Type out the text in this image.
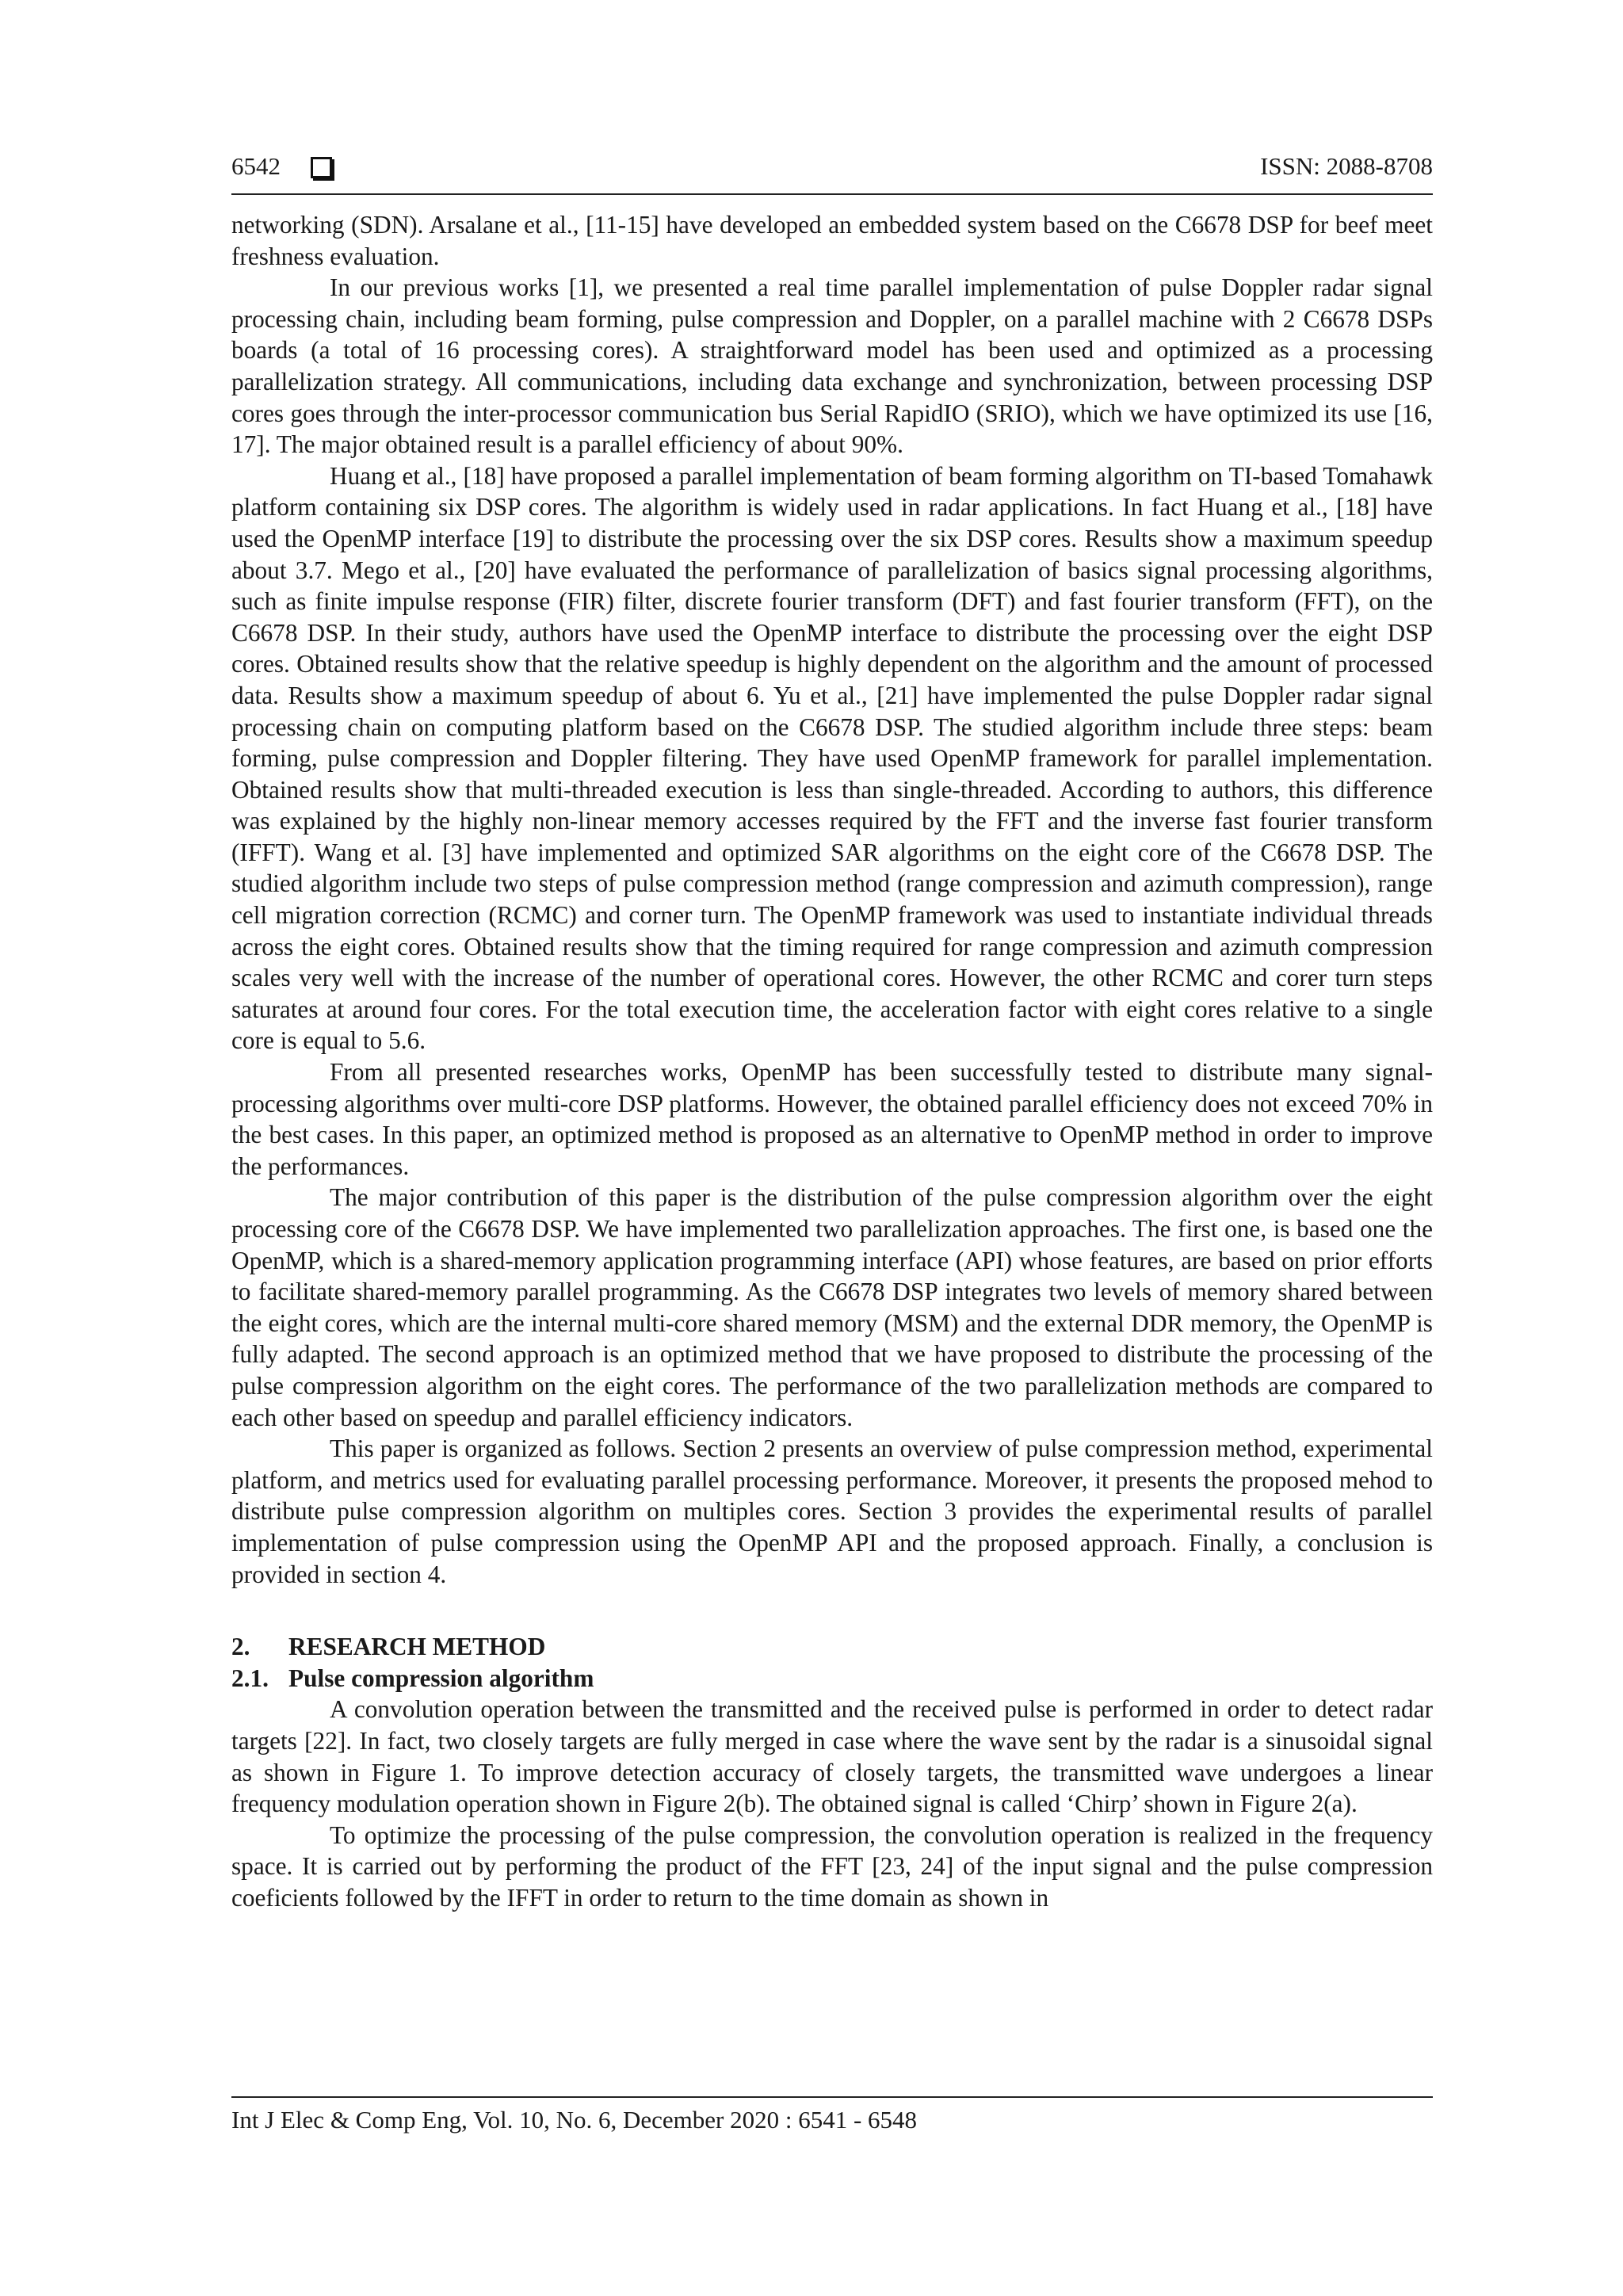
6542	ISSN: 2088-8708

networking (SDN). Arsalane et al., [11-15] have developed an embedded system based on the C6678 DSP for beef meet freshness evaluation.

In our previous works [1], we presented a real time parallel implementation of pulse Doppler radar signal processing chain, including beam forming, pulse compression and Doppler, on a parallel machine with 2 C6678 DSPs boards (a total of 16 processing cores). A straightforward model has been used and optimized as a processing parallelization strategy. All communications, including data exchange and synchronization, between processing DSP cores goes through the inter-processor communication bus Serial RapidIO (SRIO), which we have optimized its use [16, 17]. The major obtained result is a parallel efficiency of about 90%.

Huang et al., [18] have proposed a parallel implementation of beam forming algorithm on TI-based Tomahawk platform containing six DSP cores. The algorithm is widely used in radar applications. In fact Huang et al., [18] have used the OpenMP interface [19] to distribute the processing over the six DSP cores. Results show a maximum speedup about 3.7. Mego et al., [20] have evaluated the performance of parallelization of basics signal processing algorithms, such as finite impulse response (FIR) filter, discrete fourier transform (DFT) and fast fourier transform (FFT), on the C6678 DSP. In their study, authors have used the OpenMP interface to distribute the processing over the eight DSP cores. Obtained results show that the relative speedup is highly dependent on the algorithm and the amount of processed data. Results show a maximum speedup of about 6. Yu et al., [21] have implemented the pulse Doppler radar signal processing chain on computing platform based on the C6678 DSP. The studied algorithm include three steps: beam forming, pulse compression and Doppler filtering. They have used OpenMP framework for parallel implementation. Obtained results show that multi-threaded execution is less than single-threaded. According to authors, this difference was explained by the highly non-linear memory accesses required by the FFT and the inverse fast fourier transform (IFFT). Wang et al. [3] have implemented and optimized SAR algorithms on the eight core of the C6678 DSP. The studied algorithm include two steps of pulse compression method (range compression and azimuth compression), range cell migration correction (RCMC) and corner turn. The OpenMP framework was used to instantiate individual threads across the eight cores. Obtained results show that the timing required for range compression and azimuth compression scales very well with the increase of the number of operational cores. However, the other RCMC and corer turn steps saturates at around four cores. For the total execution time, the acceleration factor with eight cores relative to a single core is equal to 5.6.

From all presented researches works, OpenMP has been successfully tested to distribute many signal-processing algorithms over multi-core DSP platforms. However, the obtained parallel efficiency does not exceed 70% in the best cases. In this paper, an optimized method is proposed as an alternative to OpenMP method in order to improve the performances.

The major contribution of this paper is the distribution of the pulse compression algorithm over the eight processing core of the C6678 DSP. We have implemented two parallelization approaches. The first one, is based one the OpenMP, which is a shared-memory application programming interface (API) whose features, are based on prior efforts to facilitate shared-memory parallel programming. As the C6678 DSP integrates two levels of memory shared between the eight cores, which are the internal multi-core shared memory (MSM) and the external DDR memory, the OpenMP is fully adapted. The second approach is an optimized method that we have proposed to distribute the processing of the pulse compression algorithm on the eight cores. The performance of the two parallelization methods are compared to each other based on speedup and parallel efficiency indicators.

This paper is organized as follows. Section 2 presents an overview of pulse compression method, experimental platform, and metrics used for evaluating parallel processing performance. Moreover, it presents the proposed mehod to distribute pulse compression algorithm on multiples cores. Section 3 provides the experimental results of parallel implementation of pulse compression using the OpenMP API and the proposed approach. Finally, a conclusion is provided in section 4.

2. RESEARCH METHOD
2.1. Pulse compression algorithm

A convolution operation between the transmitted and the received pulse is performed in order to detect radar targets [22]. In fact, two closely targets are fully merged in case where the wave sent by the radar is a sinusoidal signal as shown in Figure 1. To improve detection accuracy of closely targets, the transmitted wave undergoes a linear frequency modulation operation shown in Figure 2(b). The obtained signal is called ‘Chirp’ shown in Figure 2(a).

To optimize the processing of the pulse compression, the convolution operation is realized in the frequency space. It is carried out by performing the product of the FFT [23, 24] of the input signal and the pulse compression coeficients followed by the IFFT in order to return to the time domain as shown in

Int J Elec & Comp Eng, Vol. 10, No. 6, December 2020 : 6541 - 6548
